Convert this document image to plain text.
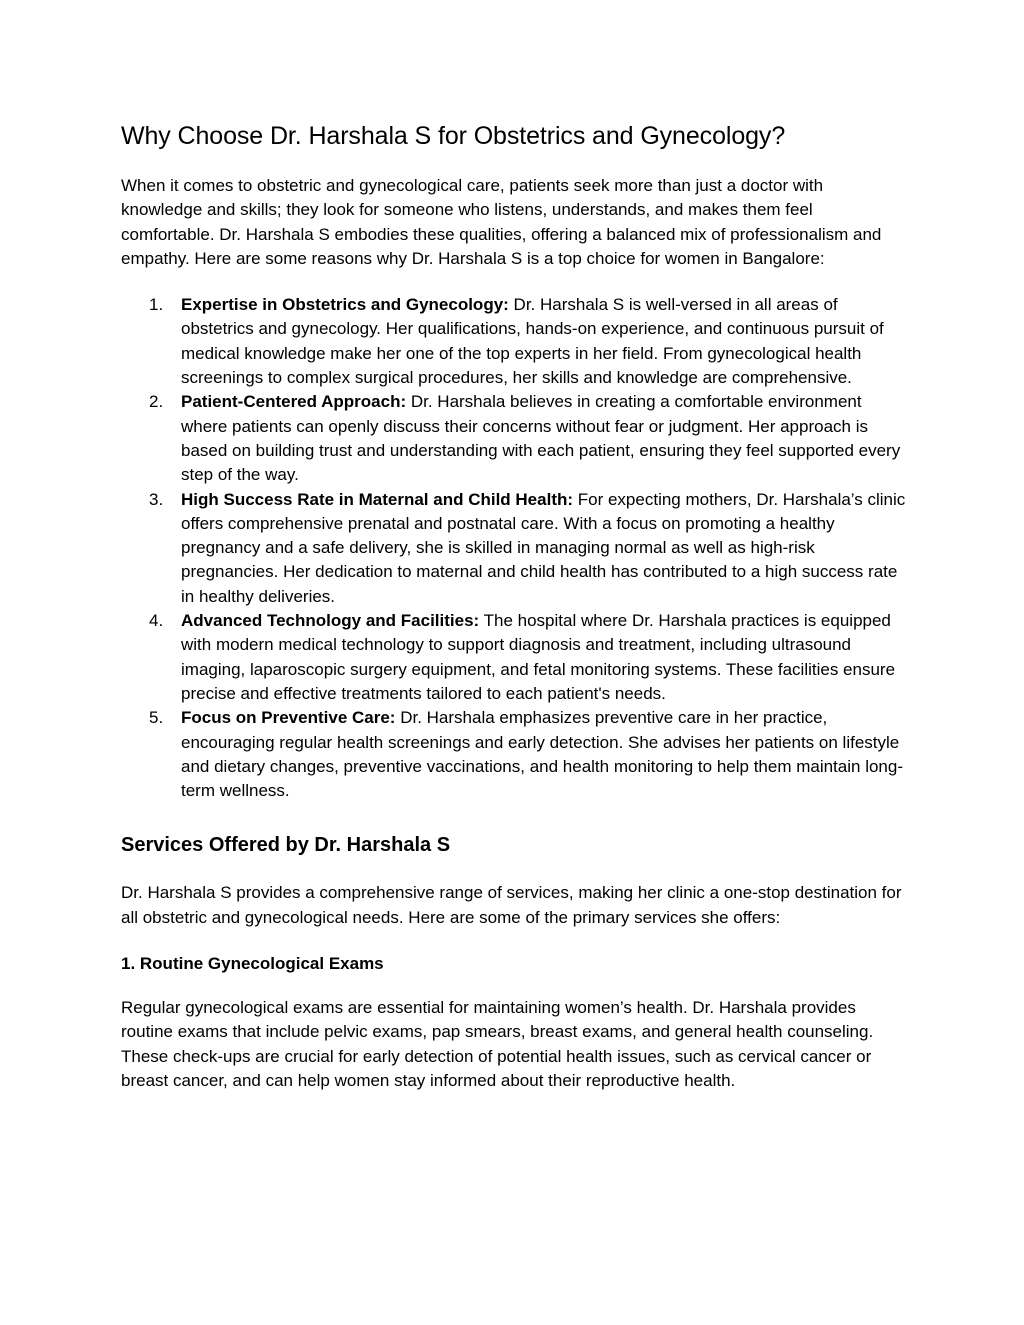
Why Choose Dr. Harshala S for Obstetrics and Gynecology?

When it comes to obstetric and gynecological care, patients seek more than just a doctor with knowledge and skills; they look for someone who listens, understands, and makes them feel comfortable. Dr. Harshala S embodies these qualities, offering a balanced mix of professionalism and empathy. Here are some reasons why Dr. Harshala S is a top choice for women in Bangalore:

1. Expertise in Obstetrics and Gynecology: Dr. Harshala S is well-versed in all areas of obstetrics and gynecology. Her qualifications, hands-on experience, and continuous pursuit of medical knowledge make her one of the top experts in her field. From gynecological health screenings to complex surgical procedures, her skills and knowledge are comprehensive.
2. Patient-Centered Approach: Dr. Harshala believes in creating a comfortable environment where patients can openly discuss their concerns without fear or judgment. Her approach is based on building trust and understanding with each patient, ensuring they feel supported every step of the way.
3. High Success Rate in Maternal and Child Health: For expecting mothers, Dr. Harshala’s clinic offers comprehensive prenatal and postnatal care. With a focus on promoting a healthy pregnancy and a safe delivery, she is skilled in managing normal as well as high-risk pregnancies. Her dedication to maternal and child health has contributed to a high success rate in healthy deliveries.
4. Advanced Technology and Facilities: The hospital where Dr. Harshala practices is equipped with modern medical technology to support diagnosis and treatment, including ultrasound imaging, laparoscopic surgery equipment, and fetal monitoring systems. These facilities ensure precise and effective treatments tailored to each patient's needs.
5. Focus on Preventive Care: Dr. Harshala emphasizes preventive care in her practice, encouraging regular health screenings and early detection. She advises her patients on lifestyle and dietary changes, preventive vaccinations, and health monitoring to help them maintain long-term wellness.
Services Offered by Dr. Harshala S

Dr. Harshala S provides a comprehensive range of services, making her clinic a one-stop destination for all obstetric and gynecological needs. Here are some of the primary services she offers:

1. Routine Gynecological Exams

Regular gynecological exams are essential for maintaining women’s health. Dr. Harshala provides routine exams that include pelvic exams, pap smears, breast exams, and general health counseling. These check-ups are crucial for early detection of potential health issues, such as cervical cancer or breast cancer, and can help women stay informed about their reproductive health.
